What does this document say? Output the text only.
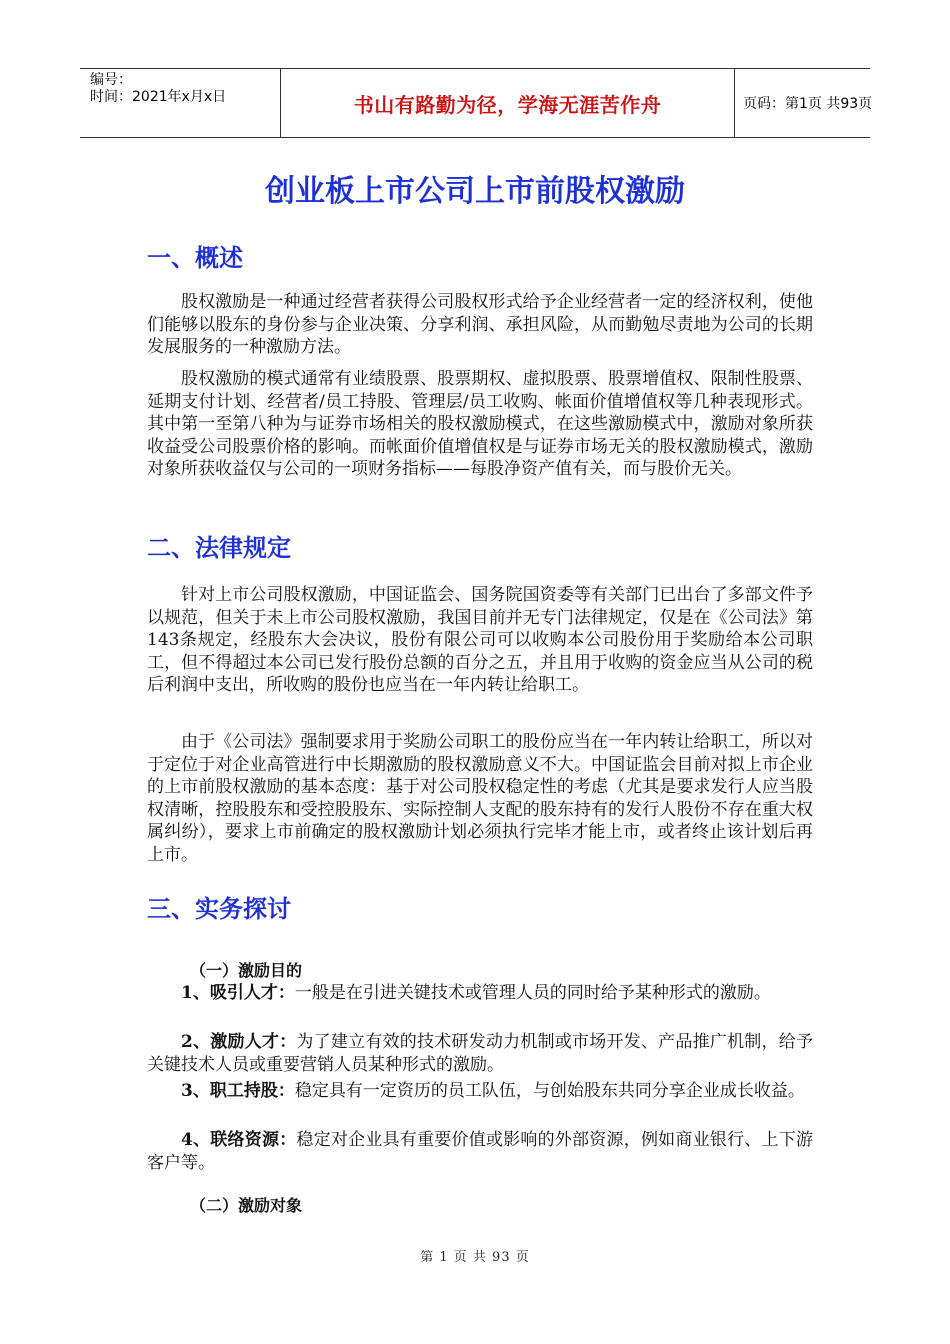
编号：
时间：2021年x月x日	书山有路勤为径，学海无涯苦作舟	页码：第1页 共93页
创业板上市公司上市前股权激励
一、概述
股权激励是一种通过经营者获得公司股权形式给予企业经营者一定的经济权利，使他们能够以股东的身份参与企业决策、分享利润、承担风险，从而勤勉尽责地为公司的长期发展服务的一种激励方法。
股权激励的模式通常有业绩股票、股票期权、虚拟股票、股票增值权、限制性股票、延期支付计划、经营者/员工持股、管理层/员工收购、帐面价值增值权等几种表现形式。其中第一至第八种为与证券市场相关的股权激励模式，在这些激励模式中，激励对象所获收益受公司股票价格的影响。而帐面价值增值权是与证券市场无关的股权激励模式，激励对象所获收益仅与公司的一项财务指标——每股净资产值有关，而与股价无关。
二、法律规定
针对上市公司股权激励，中国证监会、国务院国资委等有关部门已出台了多部文件予以规范，但关于未上市公司股权激励，我国目前并无专门法律规定，仅是在《公司法》第143条规定，经股东大会决议，股份有限公司可以收购本公司股份用于奖励给本公司职工，但不得超过本公司已发行股份总额的百分之五，并且用于收购的资金应当从公司的税后利润中支出，所收购的股份也应当在一年内转让给职工。
由于《公司法》强制要求用于奖励公司职工的股份应当在一年内转让给职工，所以对于定位于对企业高管进行中长期激励的股权激励意义不大。中国证监会目前对拟上市企业的上市前股权激励的基本态度：基于对公司股权稳定性的考虑（尤其是要求发行人应当股权清晰，控股股东和受控股股东、实际控制人支配的股东持有的发行人股份不存在重大权属纠纷），要求上市前确定的股权激励计划必须执行完毕才能上市，或者终止该计划后再上市。
三、实务探讨
（一）激励目的
1、吸引人才：一般是在引进关键技术或管理人员的同时给予某种形式的激励。
2、激励人才：为了建立有效的技术研发动力机制或市场开发、产品推广机制，给予关键技术人员或重要营销人员某种形式的激励。
3、职工持股：稳定具有一定资历的员工队伍，与创始股东共同分享企业成长收益。
4、联络资源：稳定对企业具有重要价值或影响的外部资源，例如商业银行、上下游客户等。
（二）激励对象
第 1 页 共 93 页
